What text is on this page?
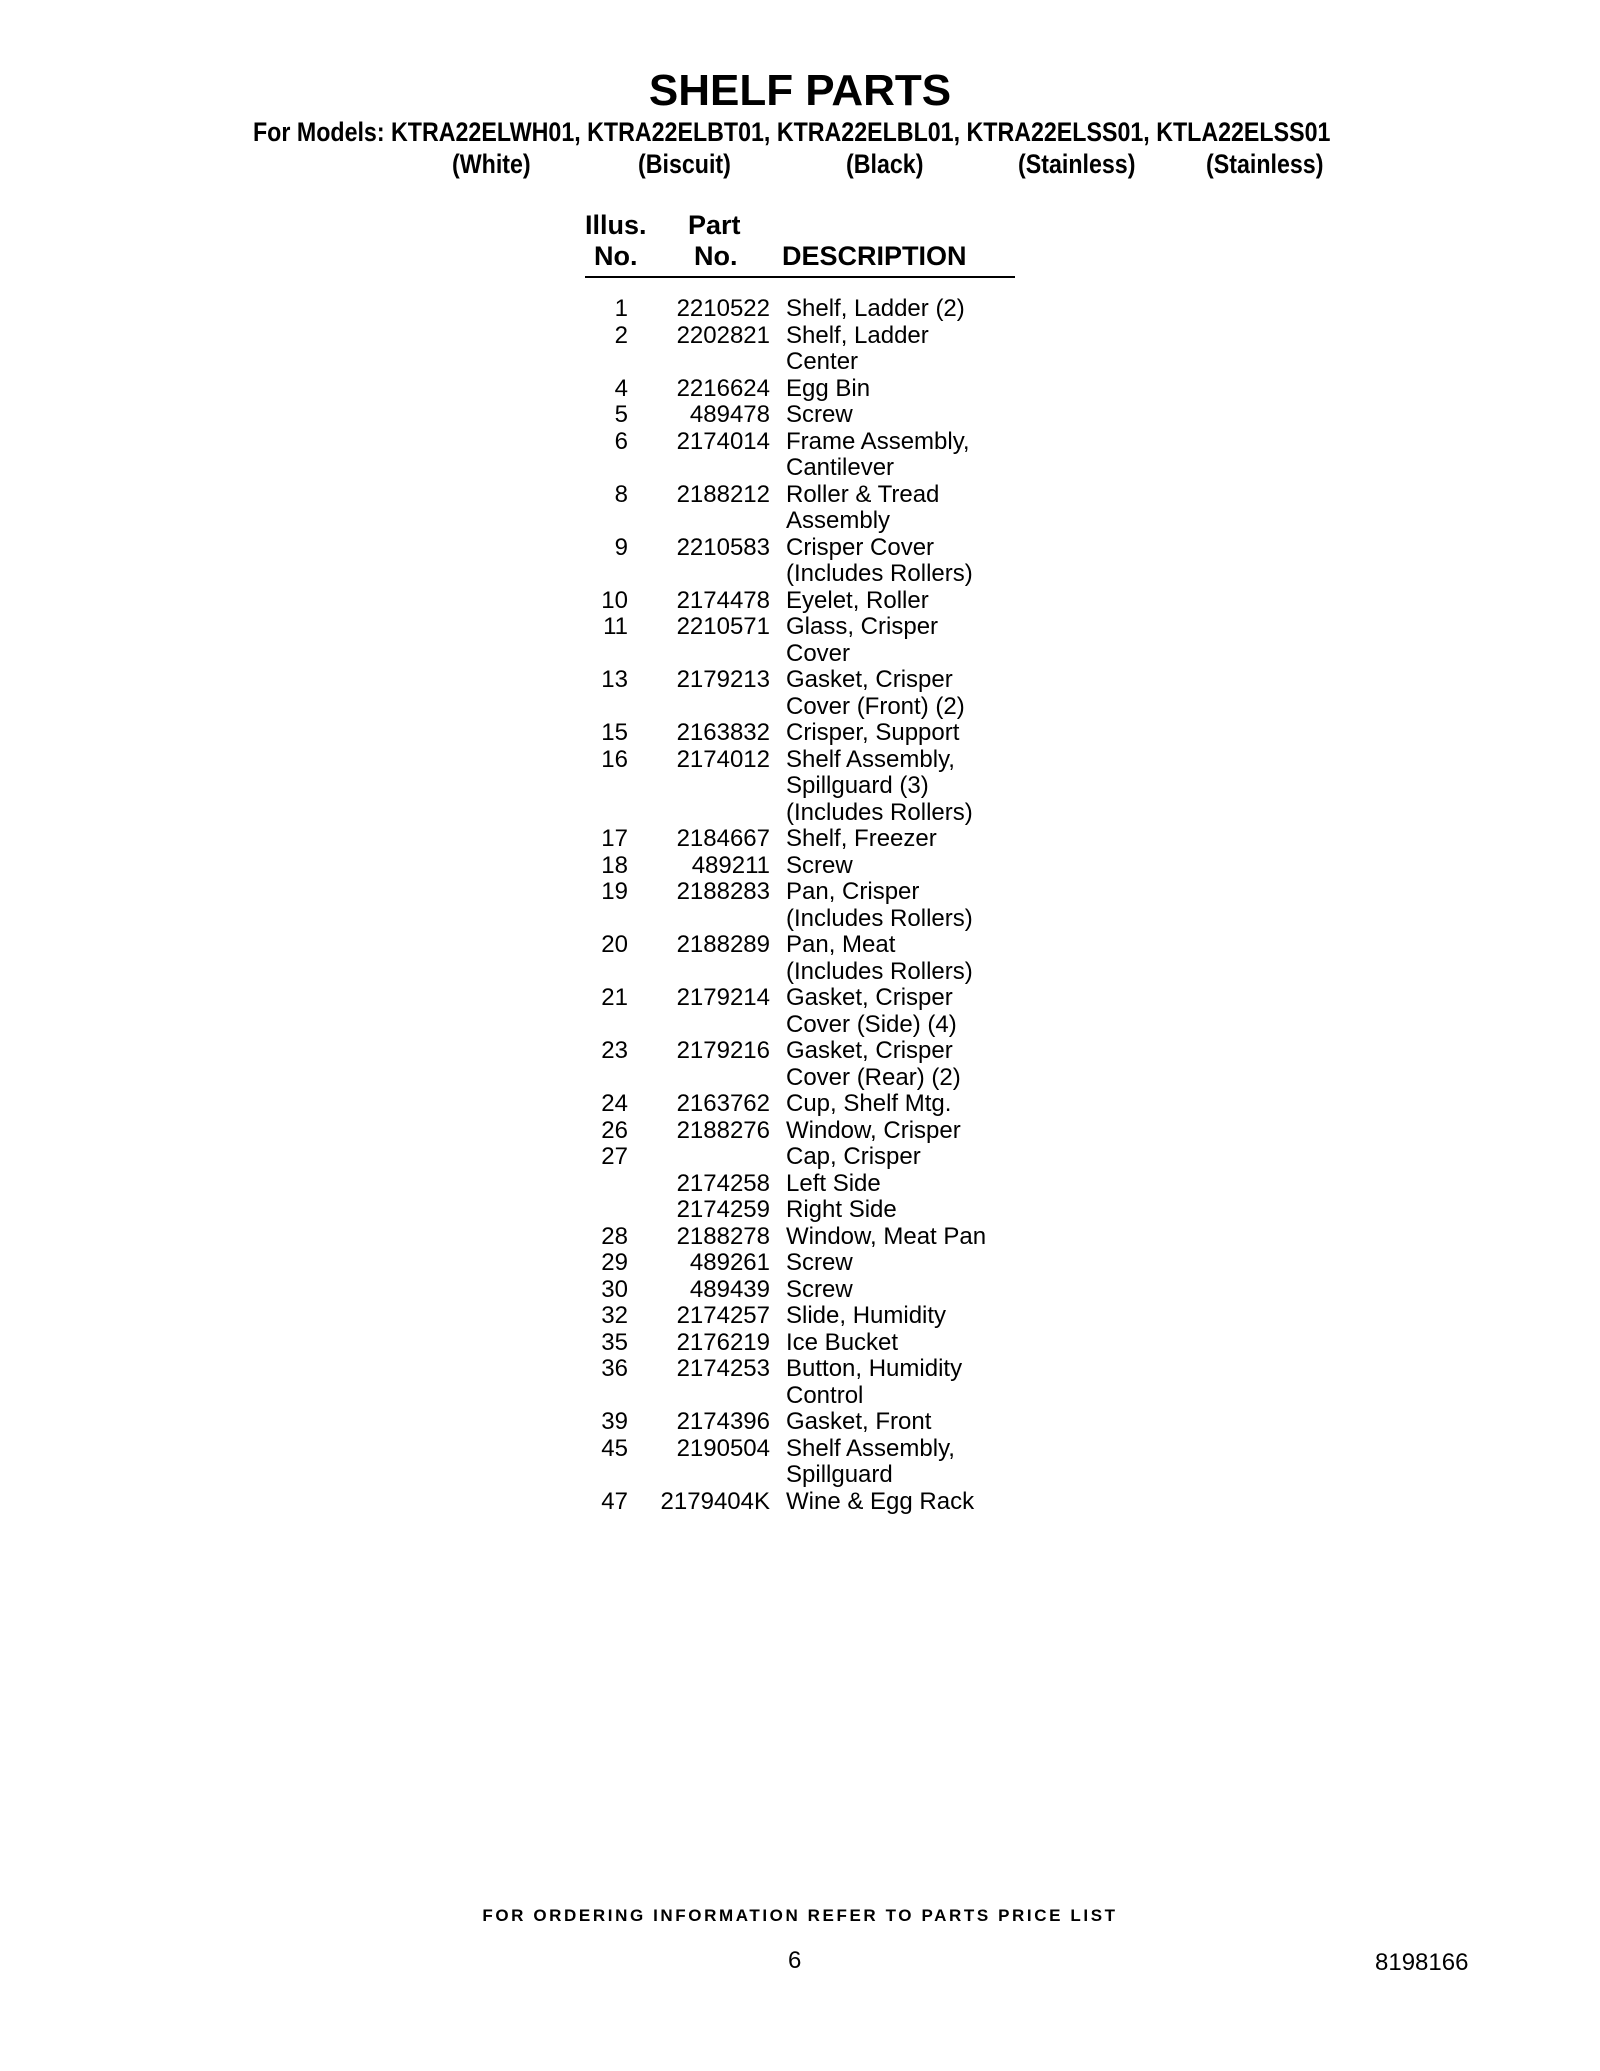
SHELF PARTS
For Models: KTRA22ELWH01, KTRA22ELBT01, KTRA22ELBL01, KTRA22ELSS01, KTLA22ELSS01
(White)	(Biscuit)	(Black)	(Stainless)	(Stainless)
Illus.
No.
Part
No. DESCRIPTION
1	2210522 Shelf, Ladder (2)
2	2202821 Shelf, Ladder
Center
4	2216624 Egg Bin
5	489478 Screw
6	2174014 Frame Assembly,
Cantilever
8	2188212 Roller & Tread
Assembly
9	2210583 Crisper Cover
(Includes Rollers)
10	2174478 Eyelet, Roller
11	2210571 Glass, Crisper
Cover
13	2179213 Gasket, Crisper
Cover (Front) (2)
15	2163832 Crisper, Support
16	2174012 Shelf Assembly,
Spillguard (3)
(Includes Rollers)
17	2184667 Shelf, Freezer
18	489211 Screw
19	2188283 Pan, Crisper
(Includes Rollers)
20	2188289 Pan, Meat
(Includes Rollers)
21	2179214 Gasket, Crisper
Cover (Side) (4)
23	2179216 Gasket, Crisper
Cover (Rear) (2)
24	2163762 Cup, Shelf Mtg.
26	2188276 Window, Crisper
27	Cap, Crisper
2174258 Left Side
2174259 Right Side
28	2188278 Window, Meat Pan
29	489261 Screw
30	489439 Screw
32	2174257 Slide, Humidity
35	2176219 Ice Bucket
36	2174253 Button, Humidity
Control
39	2174396 Gasket, Front
45	2190504 Shelf Assembly,
Spillguard
47	2179404K Wine & Egg Rack
FOR ORDERING INFORMATION REFER TO PARTS PRICE LIST
6	8198166
